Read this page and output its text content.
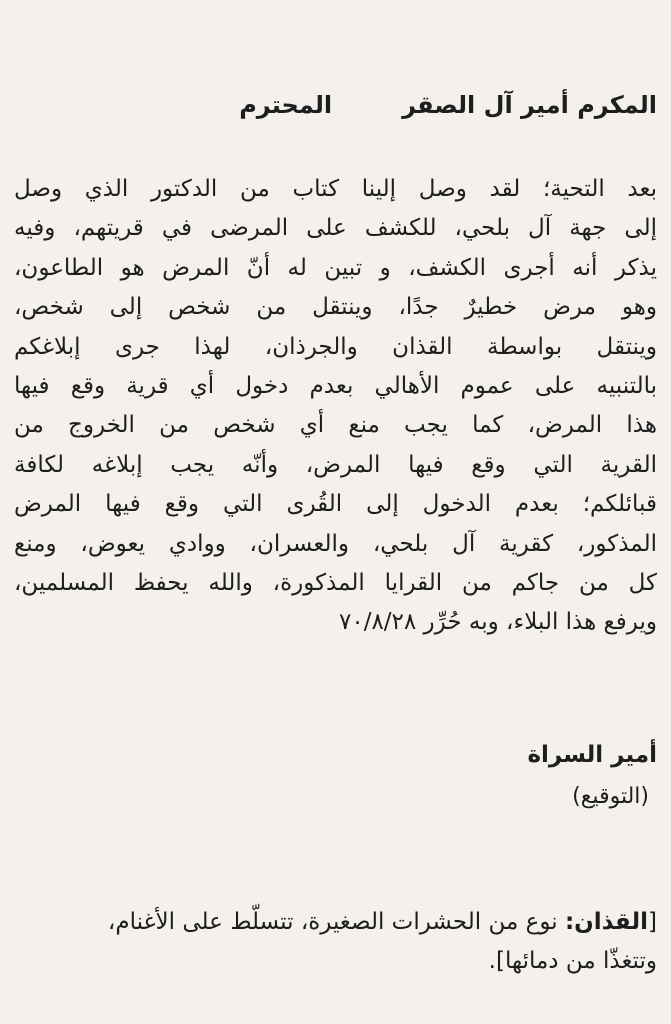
المكرم أمير آل الصقرالمحترم
بعد التحية؛ لقد وصل إلينا كتاب من الدكتور الذي وصل
إلى جهة آل بلحي، للكشف على المرضى في قريتهم، وفيه
يذكر أنه أجرى الكشف، و تبين له أنّ المرض هو الطاعون،
وهو مرض خطيرٌ جدًا، وينتقل من شخص إلى شخص،
وينتقل بواسطة القذان والجرذان، لهذا جرى إبلاغكم
بالتنبيه على عموم الأهالي بعدم دخول أي قرية وقع فيها
هذا المرض، كما يجب منع أي شخص من الخروج من
القرية التي وقع فيها المرض، وأنّه يجب إبلاغه لكافة
قبائلكم؛ بعدم الدخول إلى القُرى التي وقع فيها المرض
المذكور، كقرية آل بلحي، والعسران، ووادي يعوض، ومنع
كل من جاكم من القرايا المذكورة، والله يحفظ المسلمين،
ويرفع هذا البلاء، وبه حُرِّر ٧٠/٨/٢٨
أمير السراة
(التوقيع)
[القذان: نوع من الحشرات الصغيرة، تتسلّط على الأغنام،
وتتغذّا من دمائها].
